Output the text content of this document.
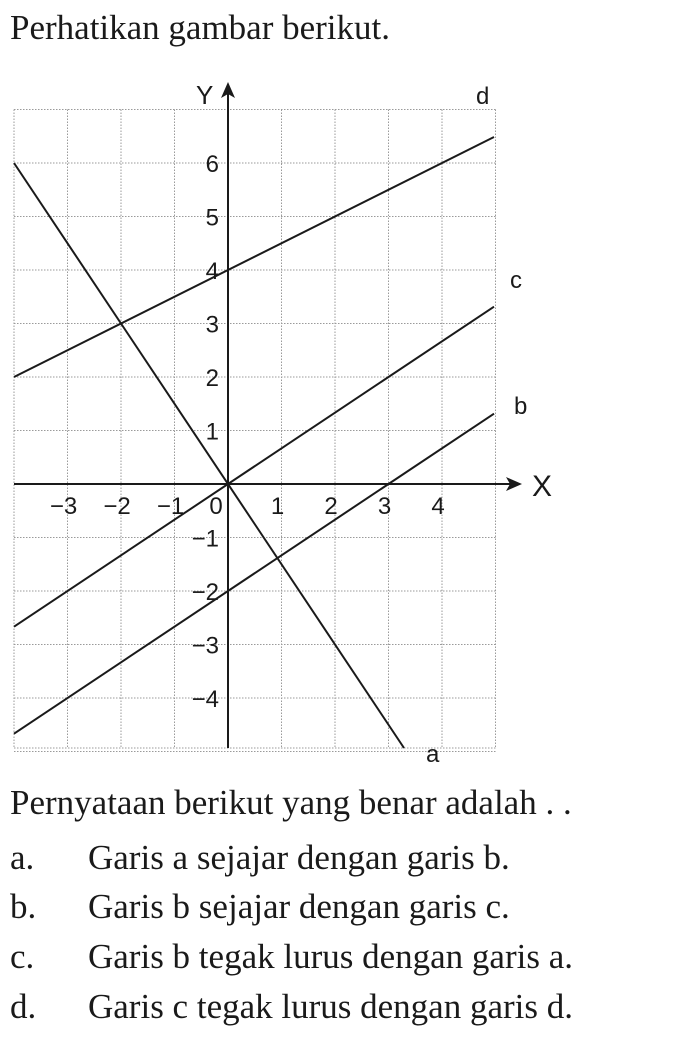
Perhatikan gambar berikut.
X
Y
−3 −2 −1 0 1 2 3 4
6
5
4
3
2
1
−1
−2
−3
−4
a
b
c
d
Pernyataan berikut yang benar adalah . .
a. Garis a sejajar dengan garis b.
b. Garis b sejajar dengan garis c.
c. Garis b tegak lurus dengan garis a.
d. Garis c tegak lurus dengan garis d.
